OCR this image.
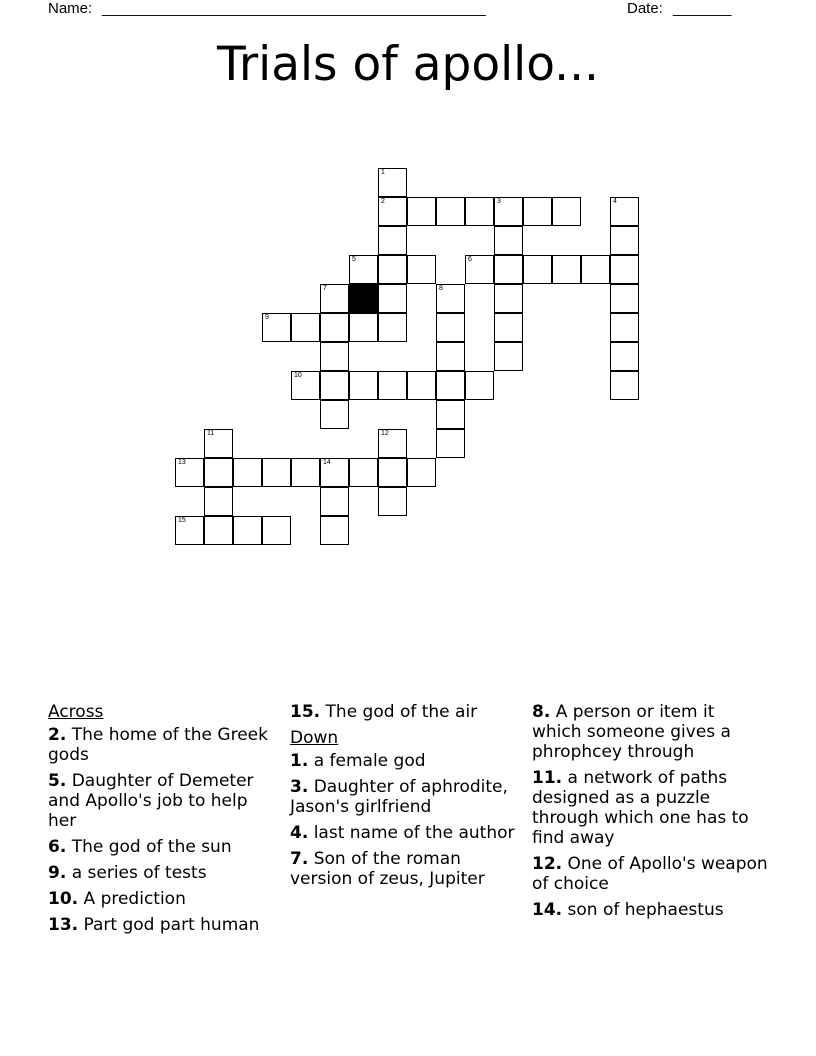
Name: ______________________________________________	Date: _______
Trials of apollo...
1
2	3	4
5	6
7	8
9
10
11	12
13	14
15
Across
2. The home of the Greek gods
5. Daughter of Demeter and Apollo's job to help her
6. The god of the sun
9. a series of tests
10. A prediction
13. Part god part human
15. The god of the air
Down
1. a female god
3. Daughter of aphrodite, Jason's girlfriend
4. last name of the author
7. Son of the roman version of zeus, Jupiter
8. A person or item it which someone gives a phrophcey through
11. a network of paths designed as a puzzle through which one has to find away
12. One of Apollo's weapon of choice
14. son of hephaestus
